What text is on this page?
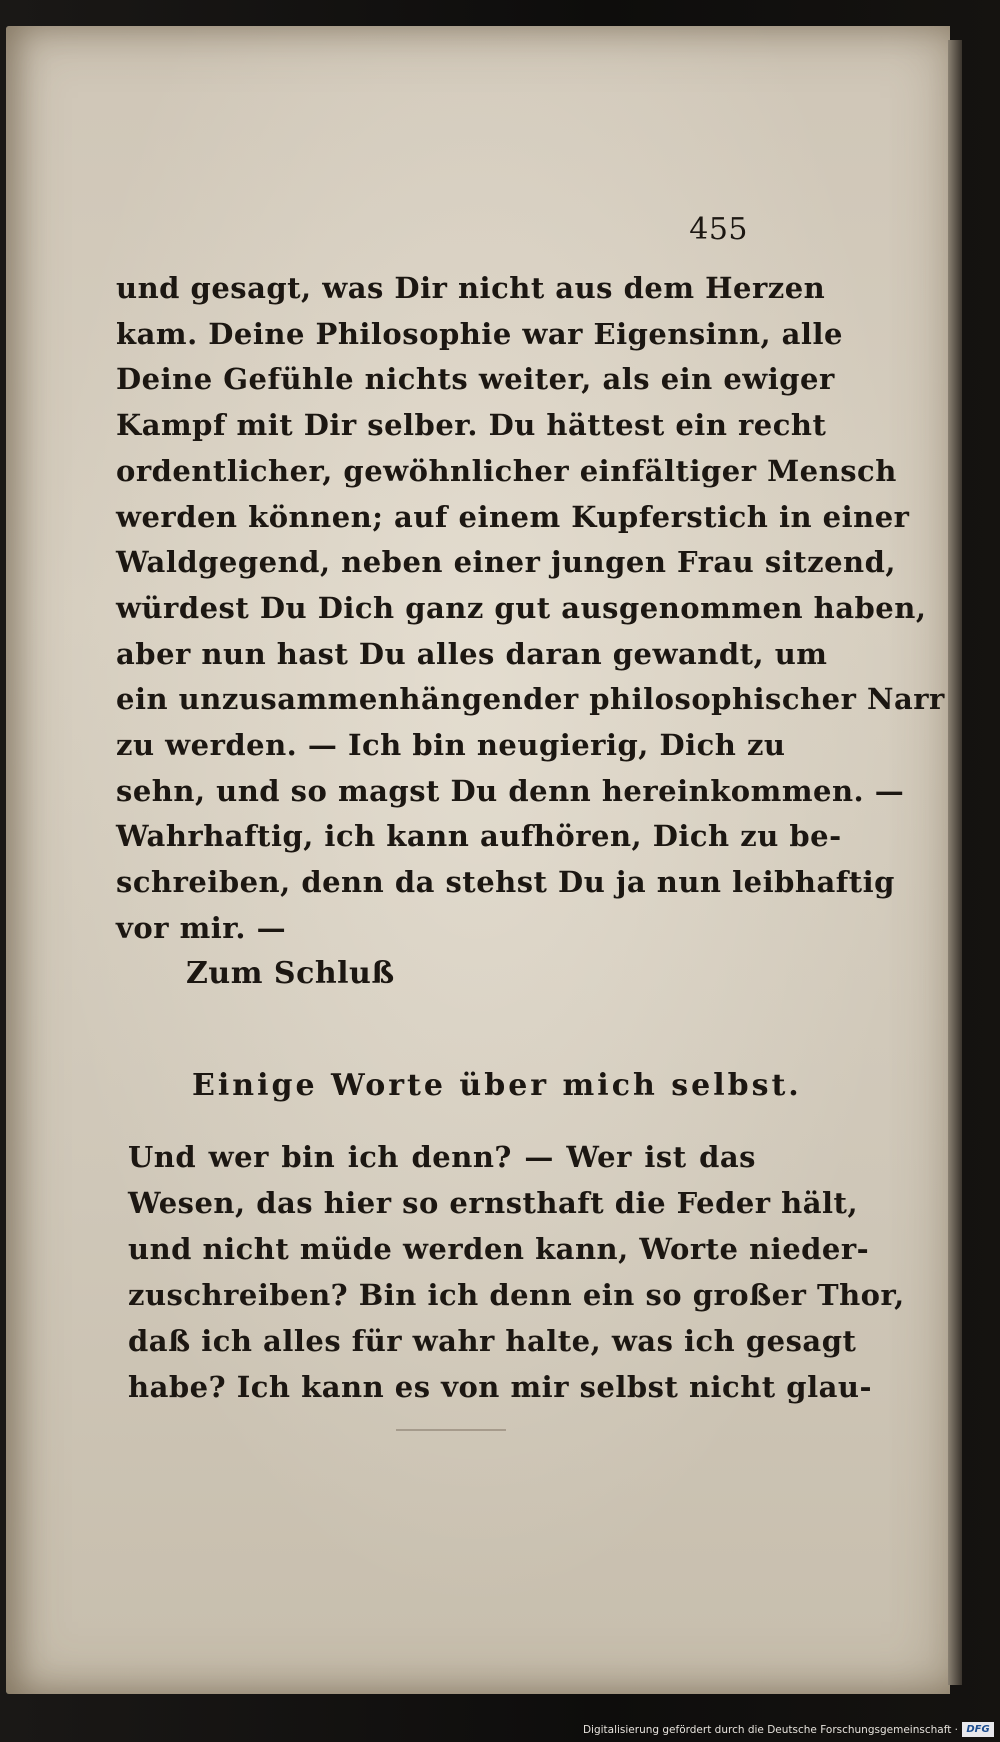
455
und gesagt, was Dir nicht aus dem Herzen
kam. Deine Philosophie war Eigensinn, alle
Deine Gefühle nichts weiter, als ein ewiger
Kampf mit Dir selber. Du hättest ein recht
ordentlicher, gewöhnlicher einfältiger Mensch
werden können; auf einem Kupferstich in einer
Waldgegend, neben einer jungen Frau sitzend,
würdest Du Dich ganz gut ausgenommen haben,
aber nun hast Du alles daran gewandt, um
ein unzusammenhängender philosophischer Narr
zu werden. — Ich bin neugierig, Dich zu
sehn, und so magst Du denn hereinkommen. —
Wahrhaftig, ich kann aufhören, Dich zu be-
schreiben, denn da stehst Du ja nun leibhaftig
vor mir. —
Zum Schluß
Einige Worte über mich selbst.
Und wer bin ich denn? — Wer ist das
Wesen, das hier so ernsthaft die Feder hält,
und nicht müde werden kann, Worte nieder-
zuschreiben? Bin ich denn ein so großer Thor,
daß ich alles für wahr halte, was ich gesagt
habe? Ich kann es von mir selbst nicht glau-
Digitalisierung gefördert durch die Deutsche Forschungsgemeinschaft · DFG
